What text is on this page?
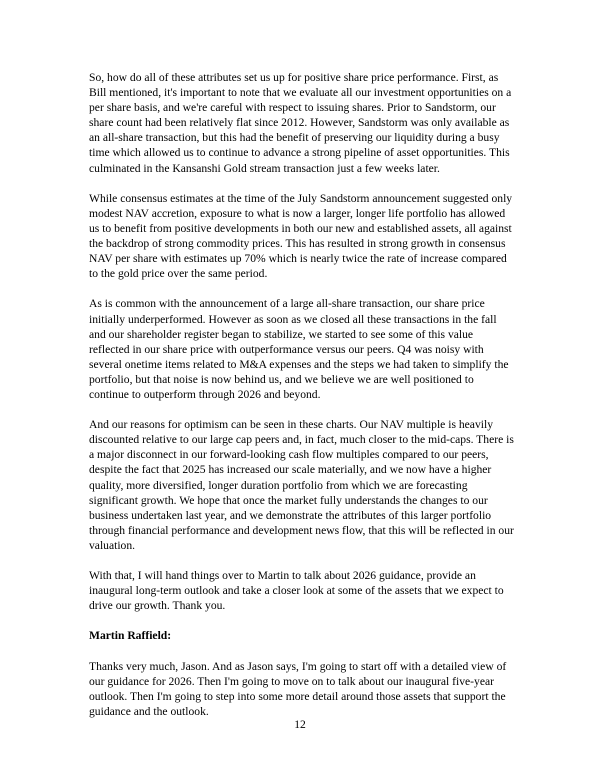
So, how do all of these attributes set us up for positive share price performance. First, as Bill mentioned, it's important to note that we evaluate all our investment opportunities on a per share basis, and we're careful with respect to issuing shares. Prior to Sandstorm, our share count had been relatively flat since 2012. However, Sandstorm was only available as an all-share transaction, but this had the benefit of preserving our liquidity during a busy time which allowed us to continue to advance a strong pipeline of asset opportunities. This culminated in the Kansanshi Gold stream transaction just a few weeks later.

While consensus estimates at the time of the July Sandstorm announcement suggested only modest NAV accretion, exposure to what is now a larger, longer life portfolio has allowed us to benefit from positive developments in both our new and established assets, all against the backdrop of strong commodity prices. This has resulted in strong growth in consensus NAV per share with estimates up 70% which is nearly twice the rate of increase compared to the gold price over the same period.

As is common with the announcement of a large all-share transaction, our share price initially underperformed. However as soon as we closed all these transactions in the fall and our shareholder register began to stabilize, we started to see some of this value reflected in our share price with outperformance versus our peers. Q4 was noisy with several onetime items related to M&A expenses and the steps we had taken to simplify the portfolio, but that noise is now behind us, and we believe we are well positioned to continue to outperform through 2026 and beyond.

And our reasons for optimism can be seen in these charts. Our NAV multiple is heavily discounted relative to our large cap peers and, in fact, much closer to the mid-caps. There is a major disconnect in our forward-looking cash flow multiples compared to our peers, despite the fact that 2025 has increased our scale materially, and we now have a higher quality, more diversified, longer duration portfolio from which we are forecasting significant growth. We hope that once the market fully understands the changes to our business undertaken last year, and we demonstrate the attributes of this larger portfolio through financial performance and development news flow, that this will be reflected in our valuation.

With that, I will hand things over to Martin to talk about 2026 guidance, provide an inaugural long-term outlook and take a closer look at some of the assets that we expect to drive our growth. Thank you.

Martin Raffield:

Thanks very much, Jason. And as Jason says, I'm going to start off with a detailed view of our guidance for 2026. Then I'm going to move on to talk about our inaugural five-year outlook. Then I'm going to step into some more detail around those assets that support the guidance and the outlook.

12
